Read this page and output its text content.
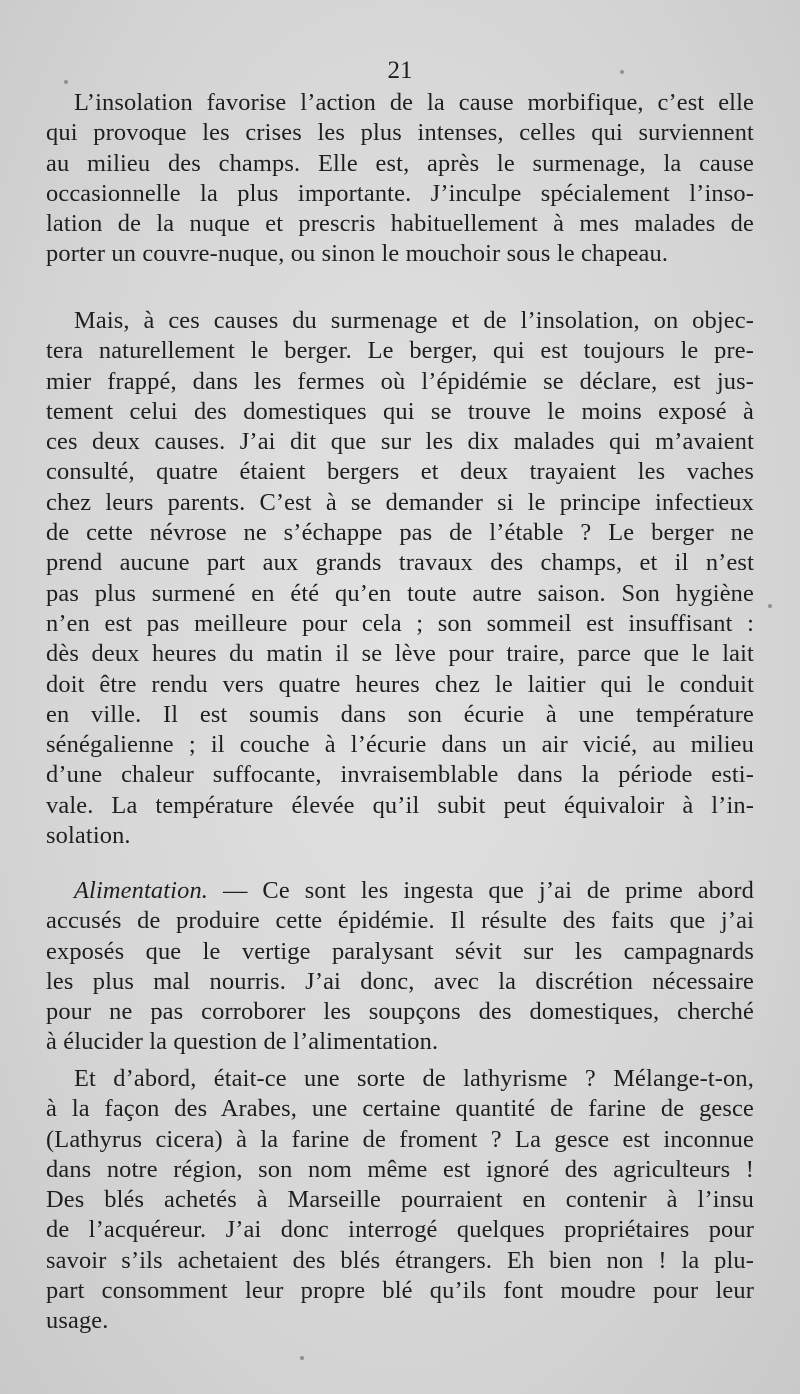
21
L’insolation favorise l’action de la cause morbifique, c’est elle
qui provoque les crises les plus intenses, celles qui surviennent
au milieu des champs. Elle est, après le surmenage, la cause
occasionnelle la plus importante. J’inculpe spécialement l’inso-
lation de la nuque et prescris habituellement à mes malades de
porter un couvre-nuque, ou sinon le mouchoir sous le chapeau.
Mais, à ces causes du surmenage et de l’insolation, on objec-
tera naturellement le berger. Le berger, qui est toujours le pre-
mier frappé, dans les fermes où l’épidémie se déclare, est jus-
tement celui des domestiques qui se trouve le moins exposé à
ces deux causes. J’ai dit que sur les dix malades qui m’avaient
consulté, quatre étaient bergers et deux trayaient les vaches
chez leurs parents. C’est à se demander si le principe infectieux
de cette névrose ne s’échappe pas de l’étable ? Le berger ne
prend aucune part aux grands travaux des champs, et il n’est
pas plus surmené en été qu’en toute autre saison. Son hygiène
n’en est pas meilleure pour cela ; son sommeil est insuffisant :
dès deux heures du matin il se lève pour traire, parce que le lait
doit être rendu vers quatre heures chez le laitier qui le conduit
en ville. Il est soumis dans son écurie à une température
sénégalienne ; il couche à l’écurie dans un air vicié, au milieu
d’une chaleur suffocante, invraisemblable dans la période esti-
vale. La température élevée qu’il subit peut équivaloir à l’in-
solation.
Alimentation. — Ce sont les ingesta que j’ai de prime abord
accusés de produire cette épidémie. Il résulte des faits que j’ai
exposés que le vertige paralysant sévit sur les campagnards
les plus mal nourris. J’ai donc, avec la discrétion nécessaire
pour ne pas corroborer les soupçons des domestiques, cherché
à élucider la question de l’alimentation.
Et d’abord, était-ce une sorte de lathyrisme ? Mélange-t-on,
à la façon des Arabes, une certaine quantité de farine de gesce
(Lathyrus cicera) à la farine de froment ? La gesce est inconnue
dans notre région, son nom même est ignoré des agriculteurs !
Des blés achetés à Marseille pourraient en contenir à l’insu
de l’acquéreur. J’ai donc interrogé quelques propriétaires pour
savoir s’ils achetaient des blés étrangers. Eh bien non ! la plu-
part consomment leur propre blé qu’ils font moudre pour leur
usage.
